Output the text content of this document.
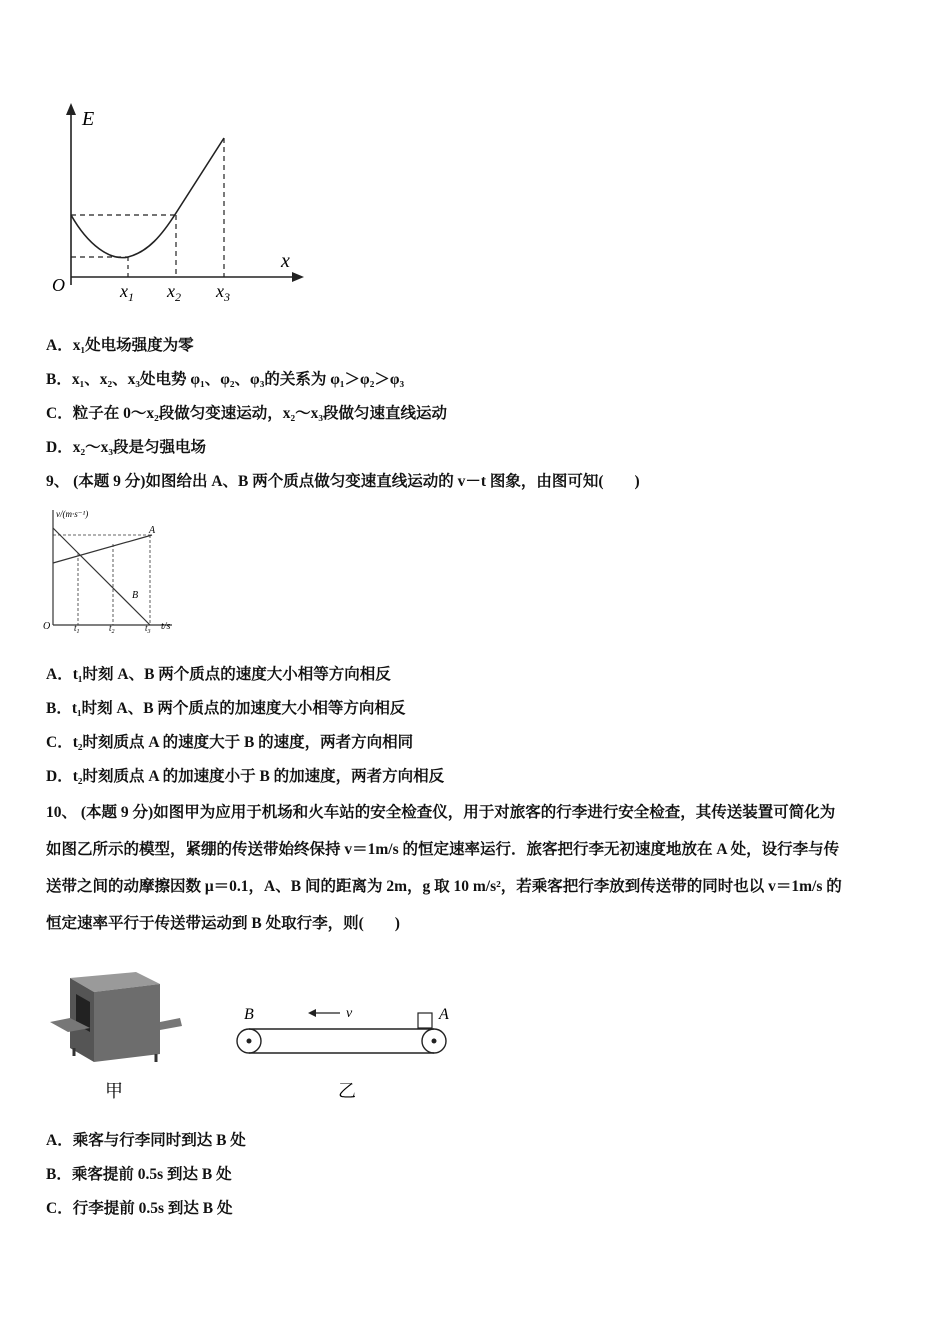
E
x
O	$x_1$ $x_2$ $x_3$
A．x₁处电场强度为零
B．x₁、x₂、x₃处电势 φ₁、φ₂、φ₃的关系为 φ₁＞φ₂＞φ₃
C．粒子在 0～x₂段做匀变速运动，x₂～x₃段做匀速直线运动
D．x₂～x₃段是匀强电场
9、 (本题 9 分)如图给出 A、B 两个质点做匀变速直线运动的 v－t 图象，由图可知(　　)
v/(m·s⁻¹)
t/s
O	$t_1$	$t_2$	$t_3$
A
B
A．t₁时刻 A、B 两个质点的速度大小相等方向相反
B．t₁时刻 A、B 两个质点的加速度大小相等方向相反
C．t₂时刻质点 A 的速度大于 B 的速度，两者方向相同
D．t₂时刻质点 A 的加速度小于 B 的加速度，两者方向相反
10、 (本题 9 分)如图甲为应用于机场和火车站的安全检查仪，用于对旅客的行李进行安全检查，其传送装置可简化为
如图乙所示的模型，紧绷的传送带始终保持 v＝1m/s 的恒定速率运行．旅客把行李无初速度地放在 A 处，设行李与传
送带之间的动摩擦因数 μ＝0.1，A、B 间的距离为 2m，g 取 10 m/s²，若乘客把行李放到传送带的同时也以 v＝1m/s 的
恒定速率平行于传送带运动到 B 处取行李，则(　　)
甲
B	A
v
乙
A．乘客与行李同时到达 B 处
B．乘客提前 0.5s 到达 B 处
C．行李提前 0.5s 到达 B 处
